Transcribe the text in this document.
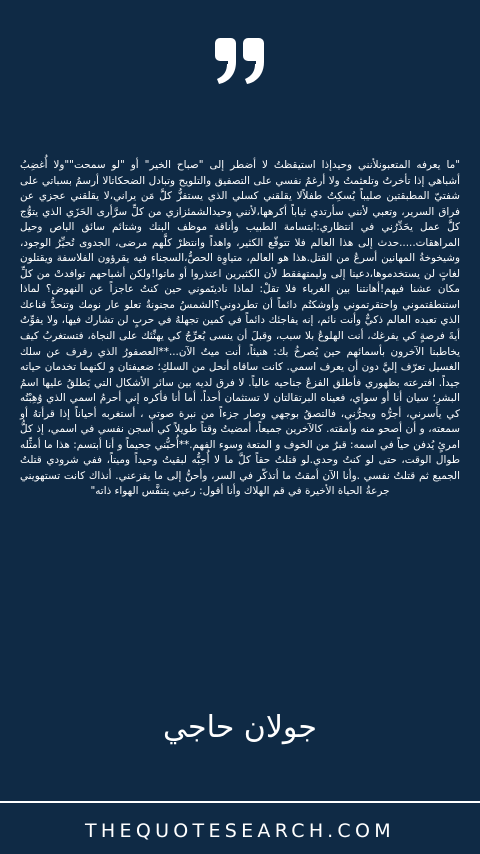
"ما يعرفه المتعبونلأنني وحيدإذا استيقظتُ لا أضطر إلى "صباح الخير" أو "لو سمحت""ولا أُغضِبُ أشباهي إذا تأخرتُ وتلعثمتُ ولا أرغمُ نفسي على التصفيق والتلويح وتبادل الضحكاتالا أرسمُ بسباتي على شفتيّ المطبقتين صليباً يُسكِتُ طفلاًلا يقلقني كسلي الذي يستفزُّ كلَّ مَن يراني،لا يقلقني عجزي عن فراق السرير، وتعبي لأنني سأرتدي ثياباً أكرهها،لأنني وحيدالشمئزازي من كلِّ سرَّأرى الحَزَي الذي يتوُّج كلَّ عمل يحَدِّرُني في انتظاري:ابتسامة الطبيب وأناقة موظف البنك وشتائم سائق الباص وحيل المراهقات.....حدث إلى هذا العالم فلا تتوقّع الكثير، واهداً وانتظرْ كلَّهم مرضى، الجدوى تُحيِّرُ الوجود، وشيخوخةُ المهانين أسرعُ من القتل.هذا هو العالم، متياوِة الحصُّ،السجناء فيه يقرؤون الفلاسفة ويقتلون لغاتٍ لن يستخدموها،دعينا إلى وليمتهفقط لأن الكثيرين اعتذروا أو ماتوا!ولكن أشباحهم توافدتْ من كلِّ مكان عشنا فيهم!أهانتنا بين الغرباء فلا تقلْ: لماذا ناديتَموني حين كنتُ عاجزاً عن النهوض؟ لماذا استنطقتموني واحتقرتموني وأوشكتُم دائماً أن تطردوني؟الشمسُ مجنونةٌ تعلو عار نومك وتنحدُّ قناعك الذي تعبده العالم ذكيٌّ وأنت نائم، إنه يفاجئك دائماً في كمين تجهلهُ في حربٍ لن تشارك فيها، ولا يفوِّتُ أيةَ فرصةٍ كي يفرغك، أنت الهلوعُ بلا سبب، وقبلَ أن ينسى يُعرِّجُ كي يهنِّئك على النجاة، فتستغربُ كيف يخاطبنا الآخرون بأسمائهم حين يُصرخُ بك: هنيئاً، أنت ميتٌ الآن...**العصفورُ الذي رفرف عن سلك الغسيل تعرّف إليَّ دون أن يعرف اسمي. كانت ساقاه أنحل من السلكِ؛ ضعيفتان و لكنهما تخدمان حياته جيداً. افترعته بظهوري فأطلق الفزعُ جناحيه عالياً. لا فرق لديه بين سائر الأشكال التي يَطلقُ عليها اسمُ البشرِ؛ سيان أنا أو سواي، فعيناه البرتقالتان لا تستثمان أحداً. أما أنا فأكره إني أحرمُ اسمي الذي وُهِبْتُه كي يأسرني، أجرُّه ويجرُّني، فالتصقُ بوجهي وصار جزءاً من نبرة صوتي ، أستغربه أحياناً إذا قرأتهُ أو سمعته، و أن أصحو منه وأمقته. كالآخرين جميعاً، أمضيتُ وقتاً طويلاً كي أسجن نفسي في اسمي، إذ كلُّ امرئٍ يُدفن حياً في اسمه: قبرٌ من الخوف و المتعة وسوء الفهم.**أُحبُّني جحيماً و أنا أبتسم: هذا ما أمثِّله طوال الوقت، حتى لو كنتُ وحدي.لو قتلتُ حقاً كلَّ ما لا أُحِبُّه لبقيتُ وحيداً وميتاً، ففي شرودي قتلتُ الجميع ثم قتلتُ نفسي .وأنا الآن أمقتُ ما أتذكّر في السر، وأحنُّ إلى ما يفزعني. أنذاك كانت تستهويني جرعةُ الحياة الأخيرة في قم الهلاك وأنا أقول: رعبي يتنفَّس الهواء ذاته"

جولان حاجي
THEQUOTESEARCH.COM
